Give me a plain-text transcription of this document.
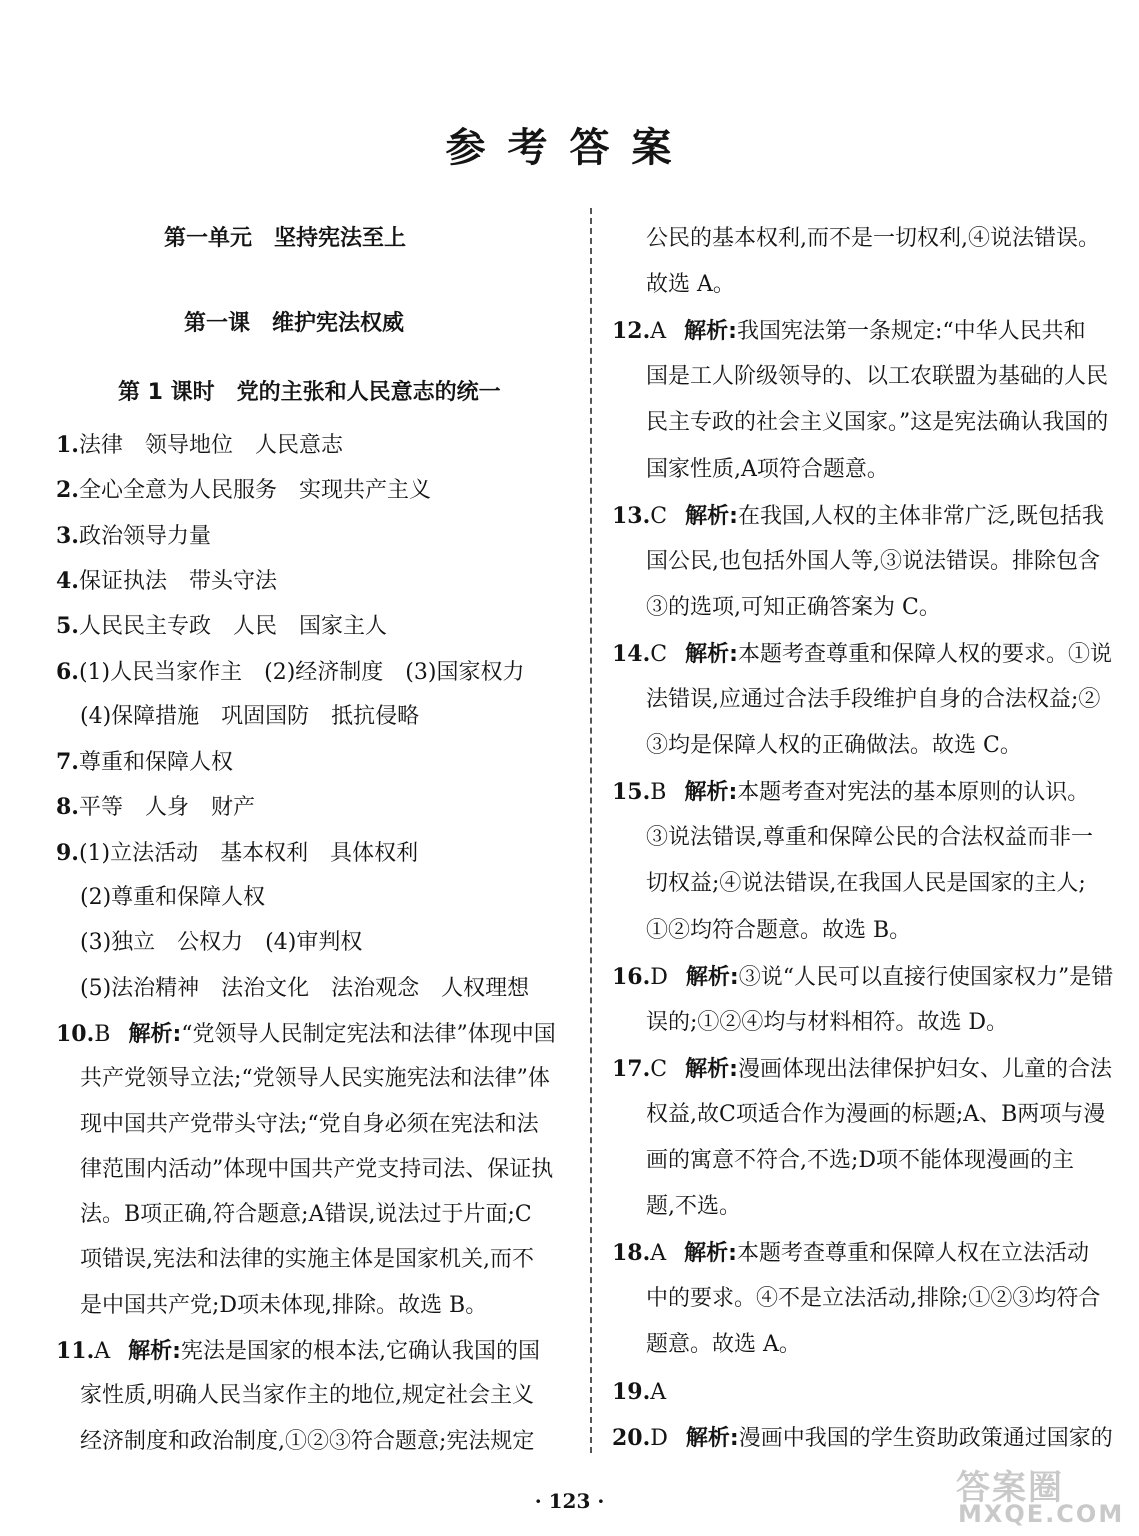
参考答案
第一单元　坚持宪法至上
第一课　维护宪法权威
第 1 课时　党的主张和人民意志的统一
1.法律　领导地位　人民意志
2.全心全意为人民服务　实现共产主义
3.政治领导力量
4.保证执法　带头守法
5.人民民主专政　人民　国家主人
6.(1)人民当家作主　(2)经济制度　(3)国家权力
(4)保障措施　巩固国防　抵抗侵略
7.尊重和保障人权
8.平等　人身　财产
9.(1)立法活动　基本权利　具体权利
(2)尊重和保障人权
(3)独立　公权力　(4)审判权
(5)法治精神　法治文化　法治观念　人权理想
10.B 解析:“党领导人民制定宪法和法律”体现中国
共产党领导立法;“党领导人民实施宪法和法律”体
现中国共产党带头守法;“党自身必须在宪法和法
律范围内活动”体现中国共产党支持司法、保证执
法。B项正确,符合题意;A错误,说法过于片面;C
项错误,宪法和法律的实施主体是国家机关,而不
是中国共产党;D项未体现,排除。故选 B。
11.A 解析:宪法是国家的根本法,它确认我国的国
家性质,明确人民当家作主的地位,规定社会主义
经济制度和政治制度,①②③符合题意;宪法规定
公民的基本权利,而不是一切权利,④说法错误。
故选 A。
12.A 解析:我国宪法第一条规定:“中华人民共和
国是工人阶级领导的、以工农联盟为基础的人民
民主专政的社会主义国家。”这是宪法确认我国的
国家性质,A项符合题意。
13.C 解析:在我国,人权的主体非常广泛,既包括我
国公民,也包括外国人等,③说法错误。排除包含
③的选项,可知正确答案为 C。
14.C 解析:本题考查尊重和保障人权的要求。①说
法错误,应通过合法手段维护自身的合法权益;②
③均是保障人权的正确做法。故选 C。
15.B 解析:本题考查对宪法的基本原则的认识。
③说法错误,尊重和保障公民的合法权益而非一
切权益;④说法错误,在我国人民是国家的主人;
①②均符合题意。故选 B。
16.D 解析:③说“人民可以直接行使国家权力”是错
误的;①②④均与材料相符。故选 D。
17.C 解析:漫画体现出法律保护妇女、儿童的合法
权益,故C项适合作为漫画的标题;A、B两项与漫
画的寓意不符合,不选;D项不能体现漫画的主
题,不选。
18.A 解析:本题考查尊重和保障人权在立法活动
中的要求。④不是立法活动,排除;①②③均符合
题意。故选 A。
19.A
20.D 解析:漫画中我国的学生资助政策通过国家的
· 123 ·	答案圈
MXQE.COM
